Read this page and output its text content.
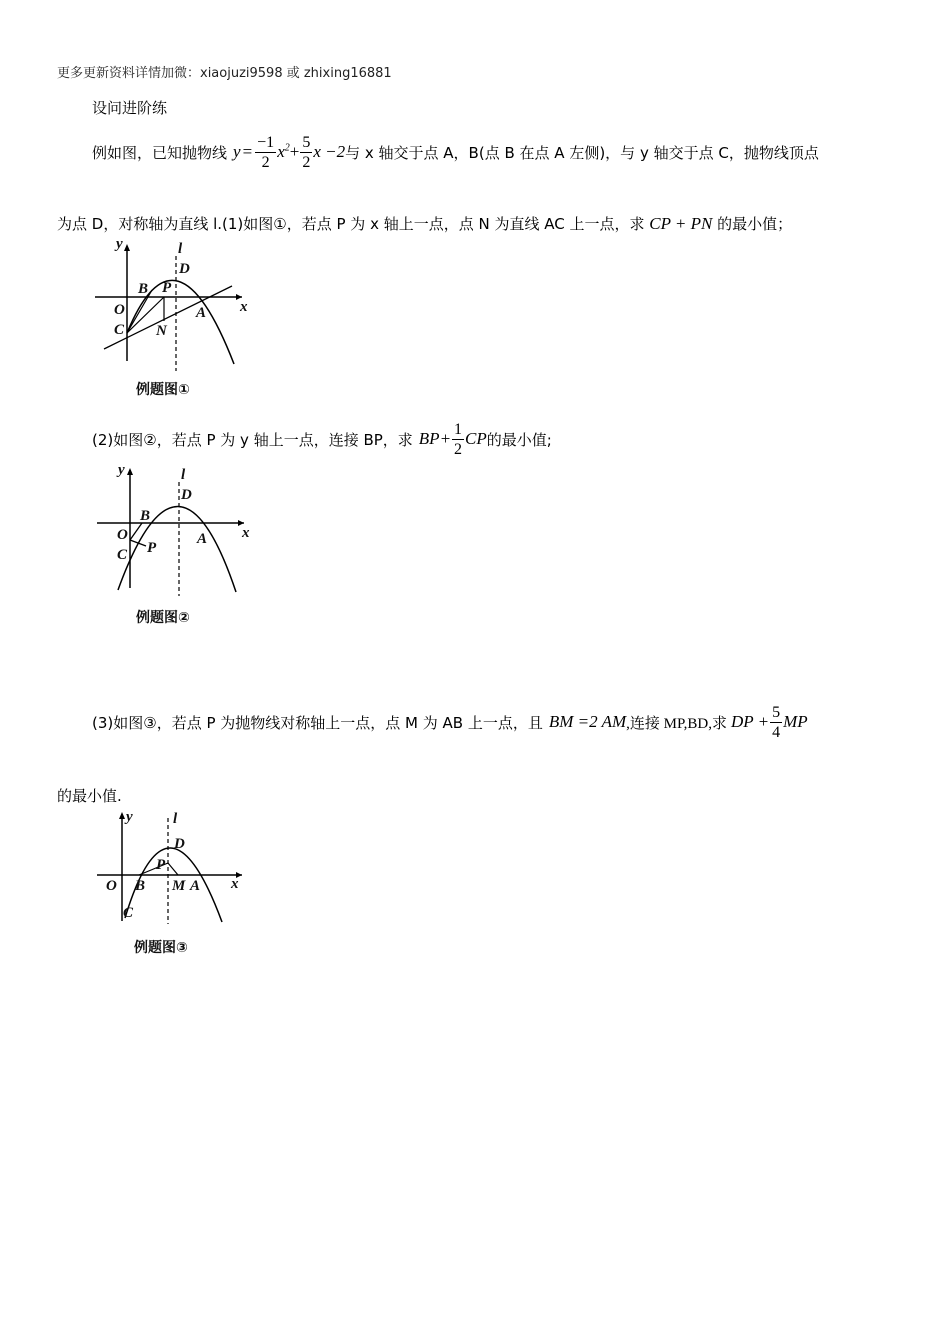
更多更新资料详情加微：xiaojuzi9598 或 zhixing16881
设问进阶练
例如图，已知抛物线 $y = \frac{-1}{2} x^2 + \frac{5}{2}$ x −2 与 x 轴交于点 A，B(点 B 在点 A 左侧)，与 y 轴交于点 C，抛物线顶点
为点 D，对称轴为直线 l.(1)如图①，若点 P 为 x 轴上一点，点 N 为直线 AC 上一点，求 CP + PN 的最小值；
y	l
D
B P
O	x
C N
A
例题图①
(2)如图②，若点 P 为 y 轴上一点，连接 BP，求 $BP+ \frac{1}{2}$ CP 的最小值;
y	l
D
B
O	x
C P
A
例题图②
(3)如图③，若点 P 为抛物线对称轴上一点，点 M 为 AB 上一点，且 BM =2 AM ,连接 MP,BD,求 DP + $\frac{5}{4}$ MP
的最小值.
y	l
D
P
O B M A x
C
例题图③
